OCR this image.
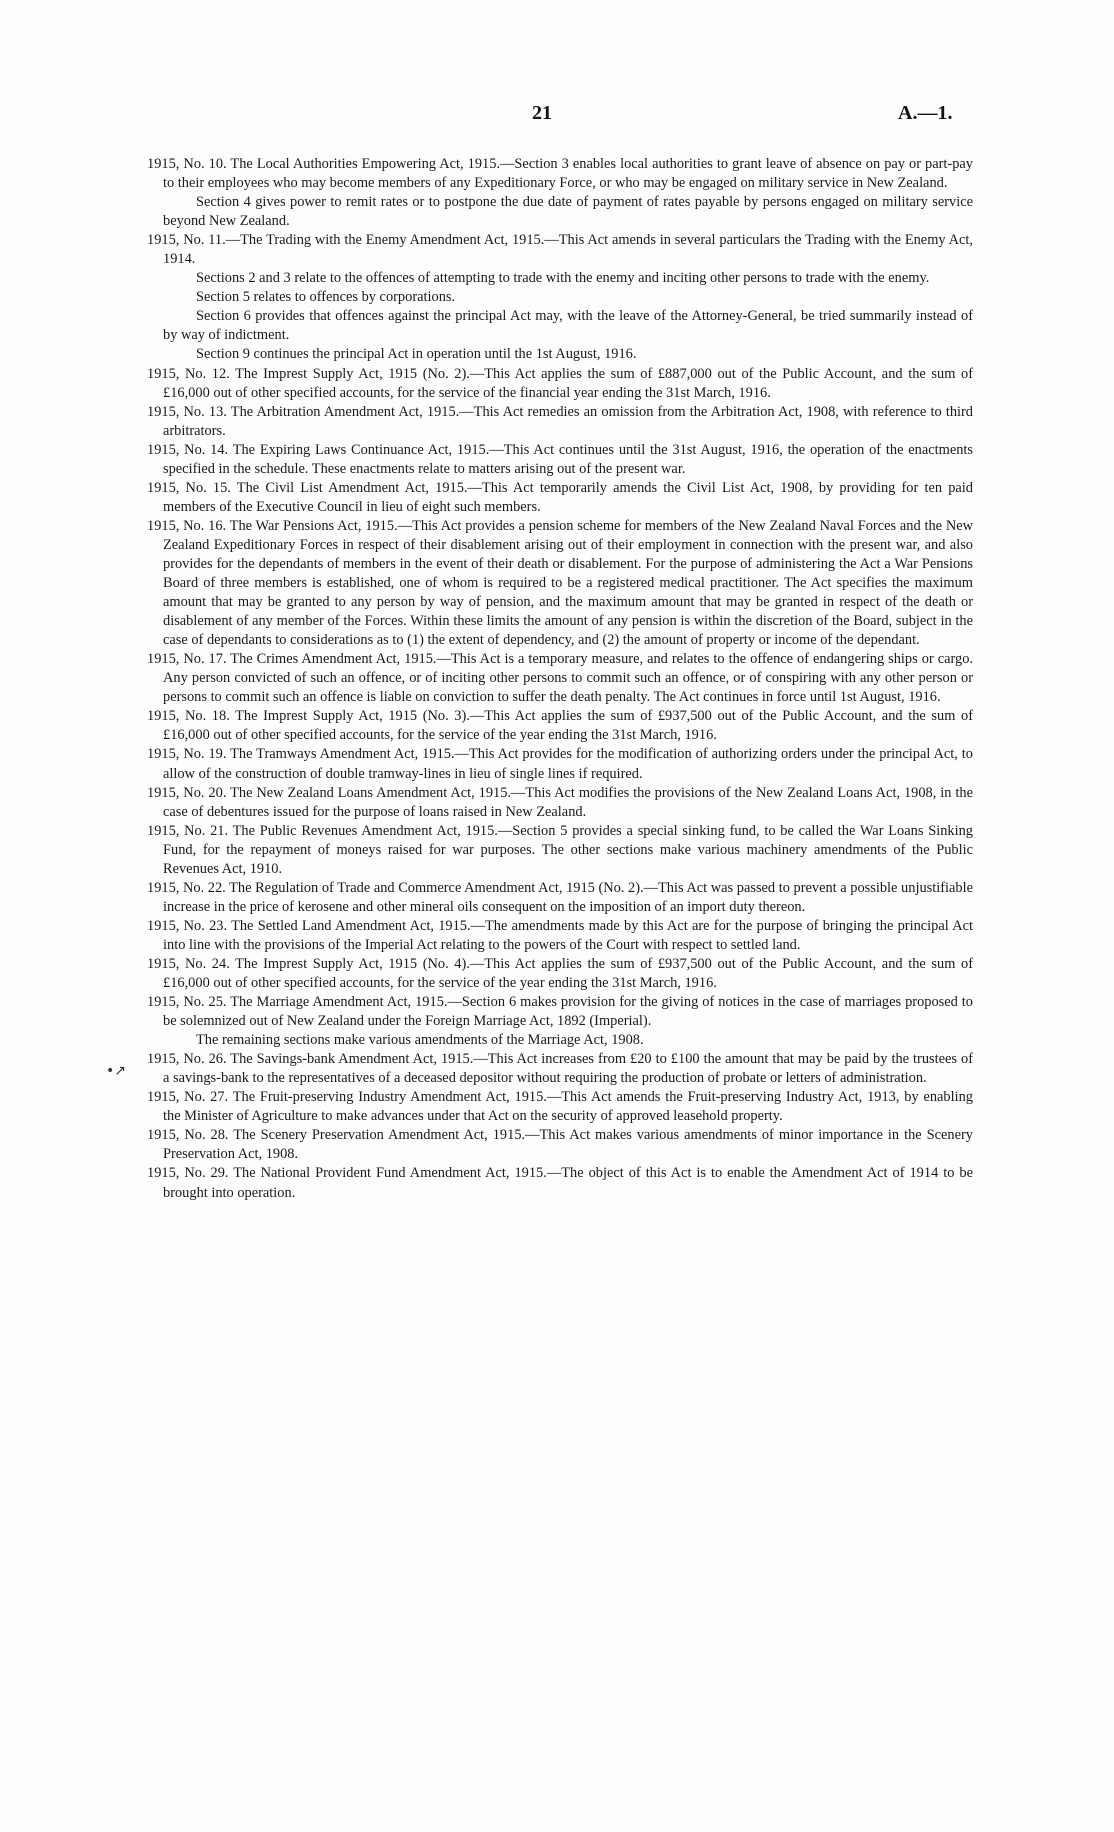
21	A.—1.
•↗

1915, No. 10. The Local Authorities Empowering Act, 1915.—Section 3 enables local authorities to grant leave of absence on pay or part-pay to their employees who may become members of any Expeditionary Force, or who may be engaged on military service in New Zealand.

Section 4 gives power to remit rates or to postpone the due date of payment of rates payable by persons engaged on military service beyond New Zealand.

1915, No. 11.—The Trading with the Enemy Amendment Act, 1915.—This Act amends in several particulars the Trading with the Enemy Act, 1914.

Sections 2 and 3 relate to the offences of attempting to trade with the enemy and inciting other persons to trade with the enemy.

Section 5 relates to offences by corporations.

Section 6 provides that offences against the principal Act may, with the leave of the Attorney-General, be tried summarily instead of by way of indictment.

Section 9 continues the principal Act in operation until the 1st August, 1916.

1915, No. 12. The Imprest Supply Act, 1915 (No. 2).—This Act applies the sum of £887,000 out of the Public Account, and the sum of £16,000 out of other specified accounts, for the service of the financial year ending the 31st March, 1916.

1915, No. 13. The Arbitration Amendment Act, 1915.—This Act remedies an omission from the Arbitration Act, 1908, with reference to third arbitrators.

1915, No. 14. The Expiring Laws Continuance Act, 1915.—This Act continues until the 31st August, 1916, the operation of the enactments specified in the schedule. These enactments relate to matters arising out of the present war.

1915, No. 15. The Civil List Amendment Act, 1915.—This Act temporarily amends the Civil List Act, 1908, by providing for ten paid members of the Executive Council in lieu of eight such members.

1915, No. 16. The War Pensions Act, 1915.—This Act provides a pension scheme for members of the New Zealand Naval Forces and the New Zealand Expeditionary Forces in respect of their disablement arising out of their employment in connection with the present war, and also provides for the dependants of members in the event of their death or disablement. For the purpose of administering the Act a War Pensions Board of three members is established, one of whom is required to be a registered medical practitioner. The Act specifies the maximum amount that may be granted to any person by way of pension, and the maximum amount that may be granted in respect of the death or disablement of any member of the Forces. Within these limits the amount of any pension is within the discretion of the Board, subject in the case of dependants to considerations as to (1) the extent of dependency, and (2) the amount of property or income of the dependant.

1915, No. 17. The Crimes Amendment Act, 1915.—This Act is a temporary measure, and relates to the offence of endangering ships or cargo. Any person convicted of such an offence, or of inciting other persons to commit such an offence, or of conspiring with any other person or persons to commit such an offence is liable on conviction to suffer the death penalty. The Act continues in force until 1st August, 1916.

1915, No. 18. The Imprest Supply Act, 1915 (No. 3).—This Act applies the sum of £937,500 out of the Public Account, and the sum of £16,000 out of other specified accounts, for the service of the year ending the 31st March, 1916.

1915, No. 19. The Tramways Amendment Act, 1915.—This Act provides for the modification of authorizing orders under the principal Act, to allow of the construction of double tramway-lines in lieu of single lines if required.

1915, No. 20. The New Zealand Loans Amendment Act, 1915.—This Act modifies the provisions of the New Zealand Loans Act, 1908, in the case of debentures issued for the purpose of loans raised in New Zealand.

1915, No. 21. The Public Revenues Amendment Act, 1915.—Section 5 provides a special sinking fund, to be called the War Loans Sinking Fund, for the repayment of moneys raised for war purposes. The other sections make various machinery amendments of the Public Revenues Act, 1910.

1915, No. 22. The Regulation of Trade and Commerce Amendment Act, 1915 (No. 2).—This Act was passed to prevent a possible unjustifiable increase in the price of kerosene and other mineral oils consequent on the imposition of an import duty thereon.

1915, No. 23. The Settled Land Amendment Act, 1915.—The amendments made by this Act are for the purpose of bringing the principal Act into line with the provisions of the Imperial Act relating to the powers of the Court with respect to settled land.

1915, No. 24. The Imprest Supply Act, 1915 (No. 4).—This Act applies the sum of £937,500 out of the Public Account, and the sum of £16,000 out of other specified accounts, for the service of the year ending the 31st March, 1916.

1915, No. 25. The Marriage Amendment Act, 1915.—Section 6 makes provision for the giving of notices in the case of marriages proposed to be solemnized out of New Zealand under the Foreign Marriage Act, 1892 (Imperial).

The remaining sections make various amendments of the Marriage Act, 1908.

1915, No. 26. The Savings-bank Amendment Act, 1915.—This Act increases from £20 to £100 the amount that may be paid by the trustees of a savings-bank to the representatives of a deceased depositor without requiring the production of probate or letters of administration.

1915, No. 27. The Fruit-preserving Industry Amendment Act, 1915.—This Act amends the Fruit-preserving Industry Act, 1913, by enabling the Minister of Agriculture to make advances under that Act on the security of approved leasehold property.

1915, No. 28. The Scenery Preservation Amendment Act, 1915.—This Act makes various amendments of minor importance in the Scenery Preservation Act, 1908.

1915, No. 29. The National Provident Fund Amendment Act, 1915.—The object of this Act is to enable the Amendment Act of 1914 to be brought into operation.
